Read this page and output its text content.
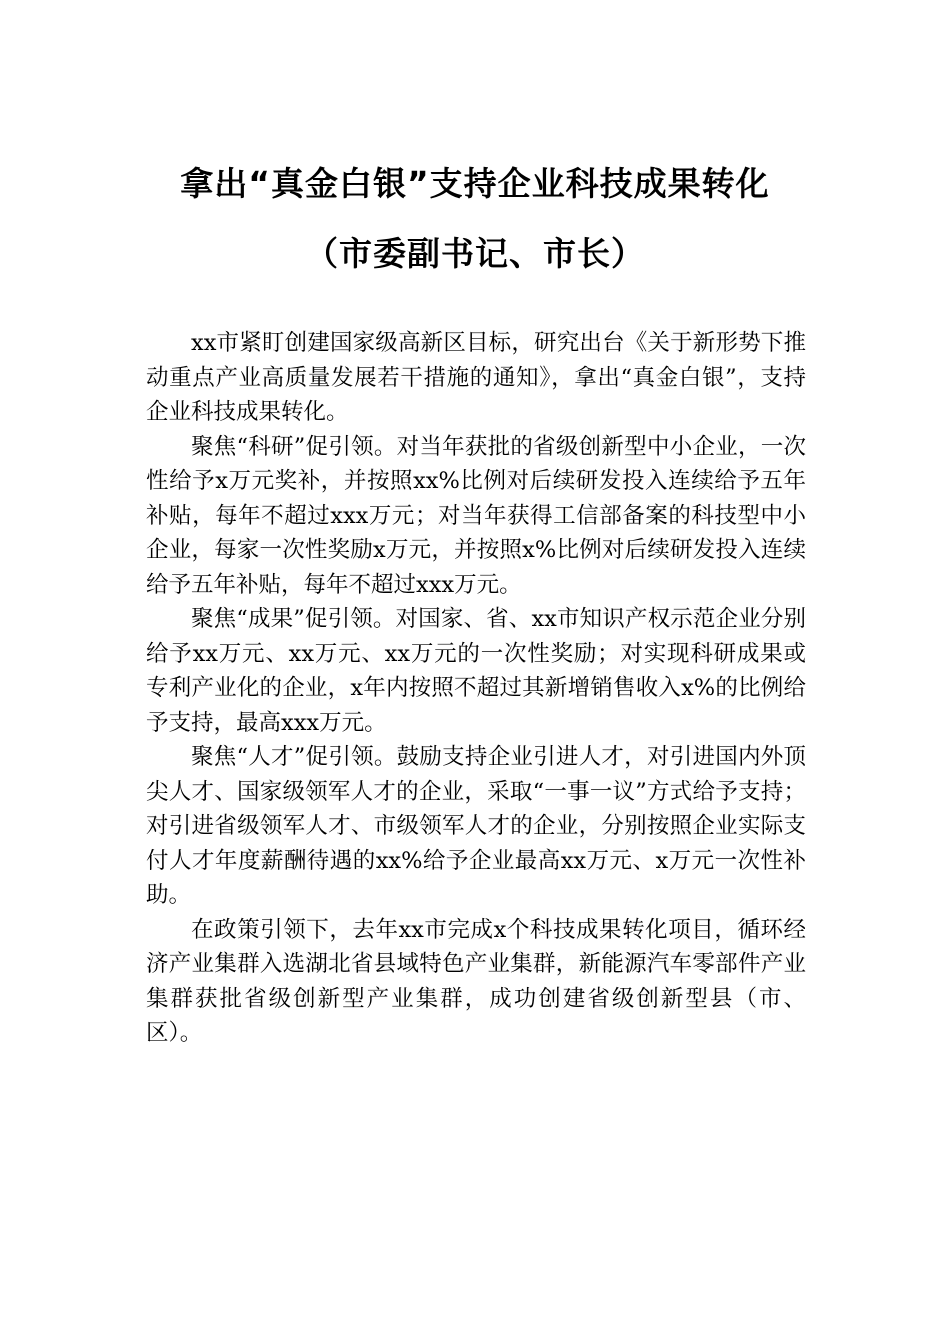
拿出“真金白银”支持企业科技成果转化
（市委副书记、市长）

xx市紧盯创建国家级高新区目标，研究出台《关于新形势下推动重点产业高质量发展若干措施的通知》，拿出“真金白银”，支持企业科技成果转化。

聚焦“科研”促引领。对当年获批的省级创新型中小企业，一次性给予x万元奖补，并按照xx%比例对后续研发投入连续给予五年补贴，每年不超过xxx万元；对当年获得工信部备案的科技型中小企业，每家一次性奖励x万元，并按照x%比例对后续研发投入连续给予五年补贴，每年不超过xxx万元。

聚焦“成果”促引领。对国家、省、xx市知识产权示范企业分别给予xx万元、xx万元、xx万元的一次性奖励；对实现科研成果或专利产业化的企业，x年内按照不超过其新增销售收入x%的比例给予支持，最高xxx万元。

聚焦“人才”促引领。鼓励支持企业引进人才，对引进国内外顶尖人才、国家级领军人才的企业，采取“一事一议”方式给予支持；对引进省级领军人才、市级领军人才的企业，分别按照企业实际支付人才年度薪酬待遇的xx%给予企业最高xx万元、x万元一次性补助。

在政策引领下，去年xx市完成x个科技成果转化项目，循环经济产业集群入选湖北省县域特色产业集群，新能源汽车零部件产业集群获批省级创新型产业集群，成功创建省级创新型县（市、区）。
